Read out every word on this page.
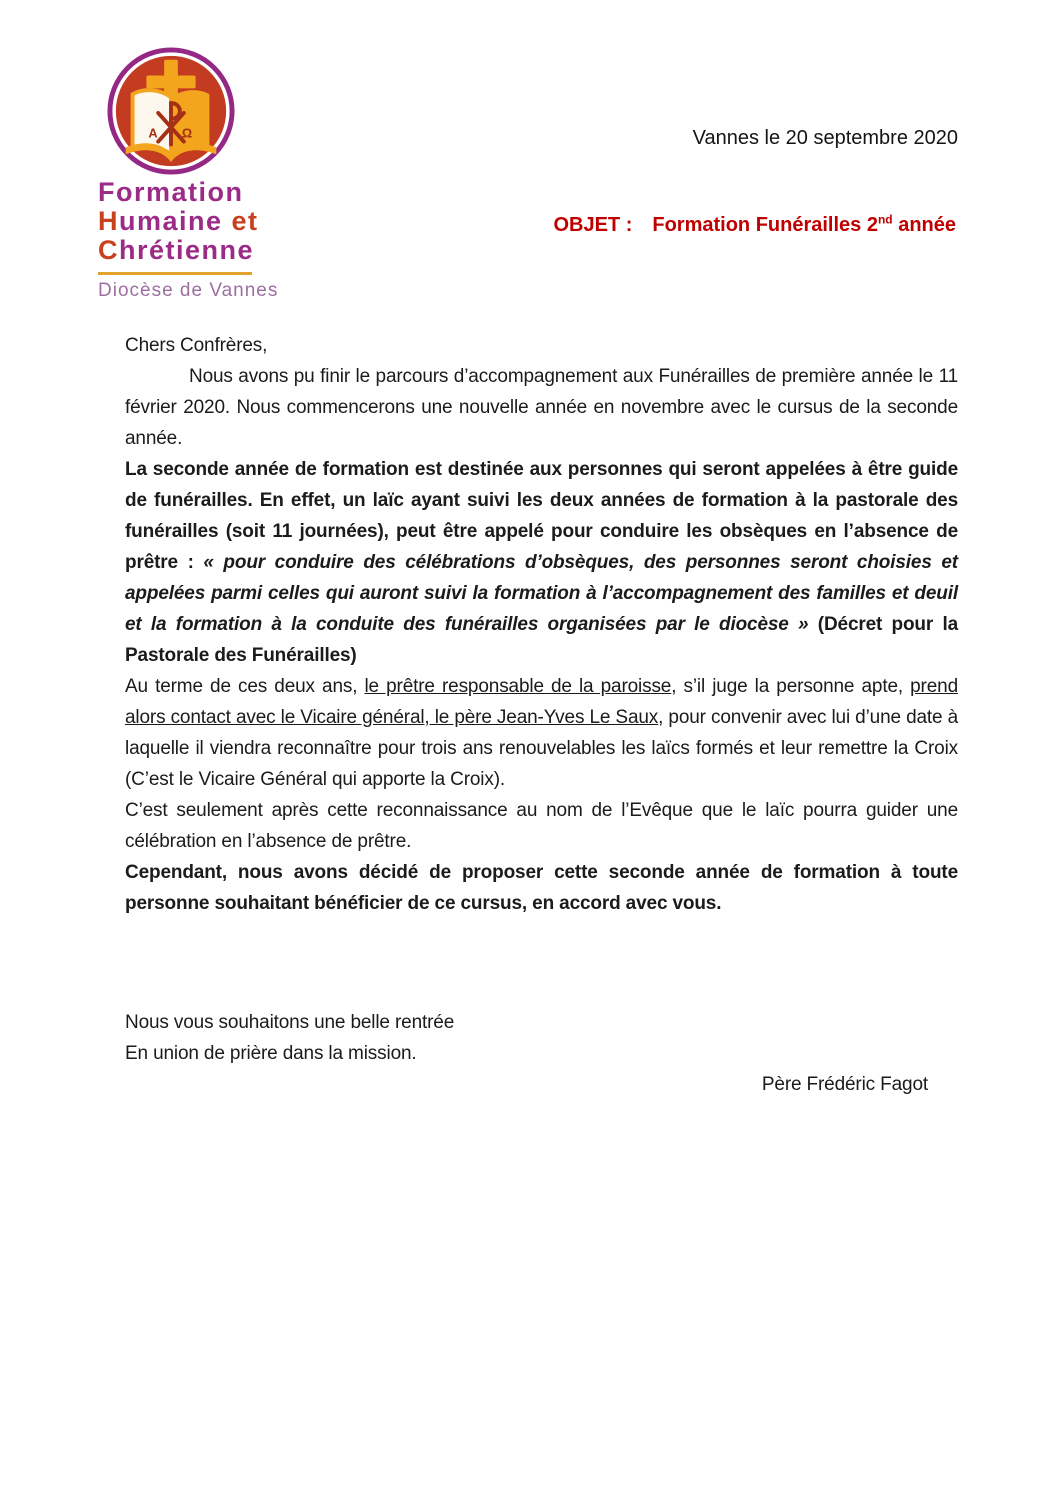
A Ω
Formation
Humaine et
Chrétienne
Diocèse de Vannes
Vannes le 20 septembre 2020
OBJET : Formation Funérailles 2nd année

Chers Confrères,

Nous avons pu finir le parcours d’accompagnement aux Funérailles de première année le 11 février 2020. Nous commencerons une nouvelle année en novembre avec le cursus de la seconde année.

La seconde année de formation est destinée aux personnes qui seront appelées à être guide de funérailles. En effet, un laïc ayant suivi les deux années de formation à la pastorale des funérailles (soit 11 journées), peut être appelé pour conduire les obsèques en l’absence de prêtre : « pour conduire des célébrations d’obsèques, des personnes seront choisies et appelées parmi celles qui auront suivi la formation à l’accompagnement des familles et deuil et la formation à la conduite des funérailles organisées par le diocèse » (Décret pour la Pastorale des Funérailles)

Au terme de ces deux ans, le prêtre responsable de la paroisse, s’il juge la personne apte, prend alors contact avec le Vicaire général, le père Jean-Yves Le Saux, pour convenir avec lui d’une date à laquelle il viendra reconnaître pour trois ans renouvelables les laïcs formés et leur remettre la Croix (C’est le Vicaire Général qui apporte la Croix).

C’est seulement après cette reconnaissance au nom de l’Evêque que le laïc pourra guider une célébration en l’absence de prêtre.

Cependant, nous avons décidé de proposer cette seconde année de formation à toute personne souhaitant bénéficier de ce cursus, en accord avec vous.

Nous vous souhaitons une belle rentrée

En union de prière dans la mission.

Père Frédéric Fagot
